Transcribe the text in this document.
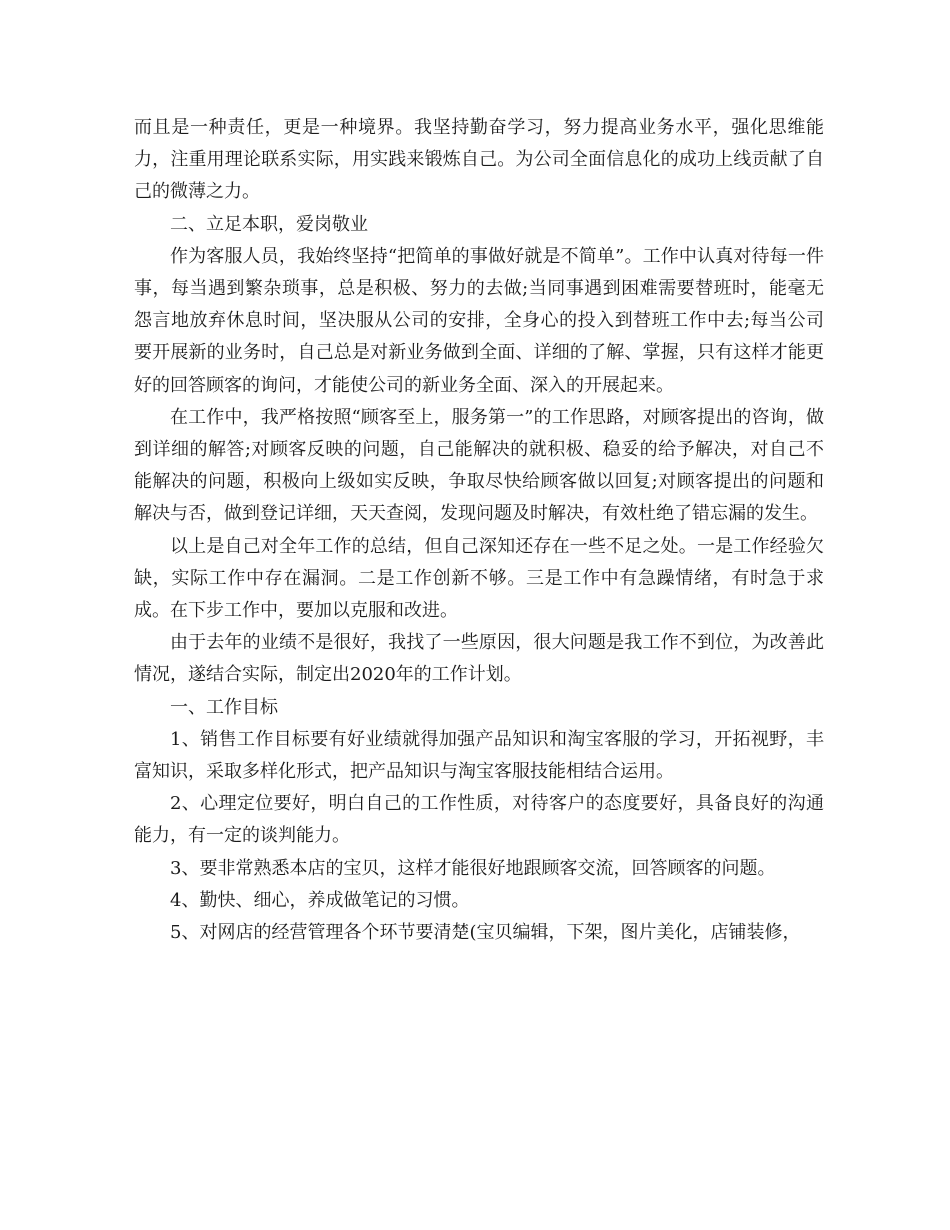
而且是一种责任，更是一种境界。我坚持勤奋学习，努力提高业务水平，强化思维能力，注重用理论联系实际，用实践来锻炼自己。为公司全面信息化的成功上线贡献了自己的微薄之力。

二、立足本职，爱岗敬业

作为客服人员，我始终坚持“把简单的事做好就是不简单”。工作中认真对待每一件事，每当遇到繁杂琐事，总是积极、努力的去做;当同事遇到困难需要替班时，能毫无怨言地放弃休息时间，坚决服从公司的安排，全身心的投入到替班工作中去;每当公司要开展新的业务时，自己总是对新业务做到全面、详细的了解、掌握，只有这样才能更好的回答顾客的询问，才能使公司的新业务全面、深入的开展起来。

在工作中，我严格按照“顾客至上，服务第一”的工作思路，对顾客提出的咨询，做到详细的解答;对顾客反映的问题，自己能解决的就积极、稳妥的给予解决，对自己不能解决的问题，积极向上级如实反映，争取尽快给顾客做以回复;对顾客提出的问题和解决与否，做到登记详细，天天查阅，发现问题及时解决，有效杜绝了错忘漏的发生。

以上是自己对全年工作的总结，但自己深知还存在一些不足之处。一是工作经验欠缺，实际工作中存在漏洞。二是工作创新不够。三是工作中有急躁情绪，有时急于求成。在下步工作中，要加以克服和改进。

由于去年的业绩不是很好，我找了一些原因，很大问题是我工作不到位，为改善此情况，遂结合实际，制定出2020年的工作计划。

一、工作目标

1、销售工作目标要有好业绩就得加强产品知识和淘宝客服的学习，开拓视野，丰富知识，采取多样化形式，把产品知识与淘宝客服技能相结合运用。

2、心理定位要好，明白自己的工作性质，对待客户的态度要好，具备良好的沟通能力，有一定的谈判能力。

3、要非常熟悉本店的宝贝，这样才能很好地跟顾客交流，回答顾客的问题。

4、勤快、细心，养成做笔记的习惯。

5、对网店的经营管理各个环节要清楚(宝贝编辑，下架，图片美化，店铺装修，
